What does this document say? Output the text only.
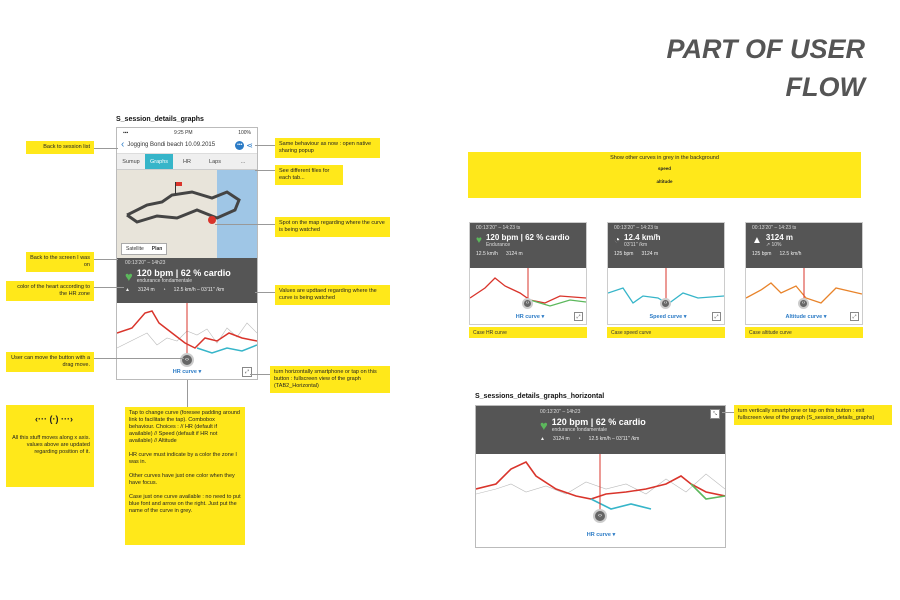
PART OF USER
FLOW
S_session_details_graphs
▪▪▪	9:25 PM	100%
‹ Jogging Bondi beach 10.09.2015	••• ⋖
Sumup	Graphs	HR	Laps	...
Satellite	Plan
00:13'20'' – 14h23
♥ 120 bpm | 62 % cardio
endurance fondamentale
▲ 3124 m ◔ 12.5 km/h – 03'11'' /km
‹›
HR curve ▾	⤢
Back to session list
Back to the screen I was on
color of the heart according to the HR zone
User can move the button with a drag move.
All this stuff moves along x axis. values above are updated regarding position of it.
‹··· (·) ···›
Same behaviour as now : open native sharing popup
See different files for each tab...
Spot on the map regarding where the curve is being watched
Values are updtaed regarding where the curve is being watched
turn horizontally smartphone or tap on this button : fullscreen view of the graph (TAB2_Horizontal)
Tap to change curve (foresee padding around link to facilitate the tap). Combobox behaviour. Choices : // HR (default if available) // Speed (default if HR not available) // Altitude

HR curve must indicate by a color the zone I was in.

Other curves have just one color when they have focus.

Case just one curve available : no need to put blue font and arrow on the right. Just put the name of the curve in grey.
Show other curves in grey in the background
speed
altitude
00:13'20'' – 14:23 ts
♥ 120 bpm | 62 % cardio
Endurance
12.5 km/h 3124 m
‹›
HR curve ▾	⤢
Case HR curve
00:13'20'' – 14:23 ts
◔ 12.4 km/h
03'11'' /km
125 bpm 3124 m
‹›
Speed curve ▾	⤢
Case speed curve
00:13'20'' – 14:23 ts
▲ 3124 m
↗ 10%
125 bpm 12.5 km/h
‹›
Altitude curve ▾	⤢
Case altitude curve
S_sessions_details_graphs_horizontal
00:13'20'' – 14h23
♥ 120 bpm | 62 % cardio
endurance fondamentale
▲ 3124 m ◔ 12.5 km/h – 03'11'' /km
⤡
‹›
HR curve ▾
turn vertically smartphone or tap on this button : exit fullscreen view of the graph (S_session_details_graphs)
